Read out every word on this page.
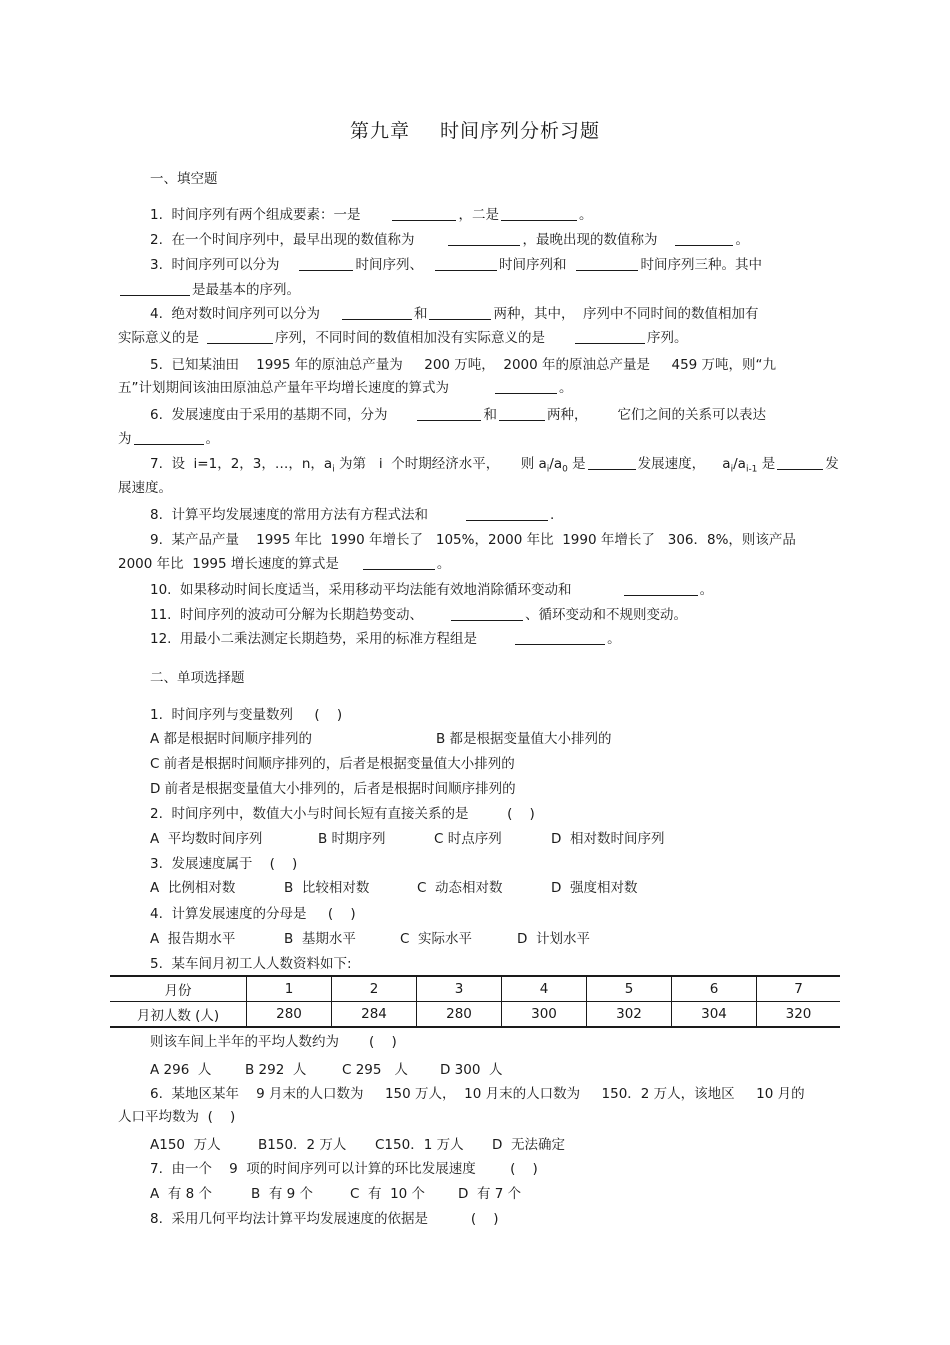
第九章 时间序列分析习题
一、填空题
1.  时间序列有两个组成要素：一是	，二是	。
2.  在一个时间序列中，最早出现的数值称为	，最晚出现的数值称为	。
3.  时间序列可以分为	时间序列、	时间序列和	时间序列三种。其中
是最基本的序列。
4.  绝对数时间序列可以分为	和	两种，其中，  序列中不同时间的数值相加有
实际意义的是	序列，不同时间的数值相加没有实际意义的是	序列。
5.  已知某油田    1995 年的原油总产量为     200 万吨，  2000 年的原油总产量是     459 万吨，则“九
五”计划期间该油田原油总产量年平均增长速度的算式为	。
6.  发展速度由于采用的基期不同，分为	和	两种，       它们之间的关系可以表达
为	。
7.  设  i=1，2，3，…，n，$a_i$ 为第   i  个时期经济水平，     则 $a_i/a_0$ 是	发展速度，    $a_i/a_{i-1}$ 是	发
展速度。
8.  计算平均发展速度的常用方法有方程式法和	.
9.  某产品产量    1995 年比  1990 年增长了   105%，2000 年比  1990 年增长了   306．8%，则该产品
2000 年比  1995 增长速度的算式是	。
10.  如果移动时间长度适当，采用移动平均法能有效地消除循环变动和	。
11.  时间序列的波动可分解为长期趋势变动、	、循环变动和不规则变动。
12.  用最小二乘法测定长期趋势，采用的标准方程组是	。
二、单项选择题
1.  时间序列与变量数列     (    )
A 都是根据时间顺序排列的	B 都是根据变量值大小排列的
C 前者是根据时间顺序排列的，后者是根据变量值大小排列的
D 前者是根据变量值大小排列的，后者是根据时间顺序排列的
2.  时间序列中，数值大小与时间长短有直接关系的是         (    )
A  平均数时间序列	B 时期序列	C 时点序列	D  相对数时间序列
3.  发展速度属于    (    )
A  比例相对数	B  比较相对数	C  动态相对数	D  强度相对数
4.  计算发展速度的分母是     (    )
A  报告期水平	B  基期水平	C  实际水平	D  计划水平
5.  某车间月初工人人数资料如下:
月份	1	2	3	4	5	6	7
月初人数 (人)	280	284	280	300	302	304	320
则该车间上半年的平均人数约为       (    )
A 296  人 B 292  人	C 295   人 D 300  人
6.  某地区某年    9 月末的人口数为     150 万人，  10 月末的人口数为     150．2 万人，该地区     10 月的
人口平均数为  (    )
A150  万人	B150．2 万人 C150．1 万人 D  无法确定
7.  由一个    9  项的时间序列可以计算的环比发展速度        (    )
A  有 8 个	B  有 9 个	C  有  10 个 D  有 7 个
8.  采用几何平均法计算平均发展速度的依据是          (    )
